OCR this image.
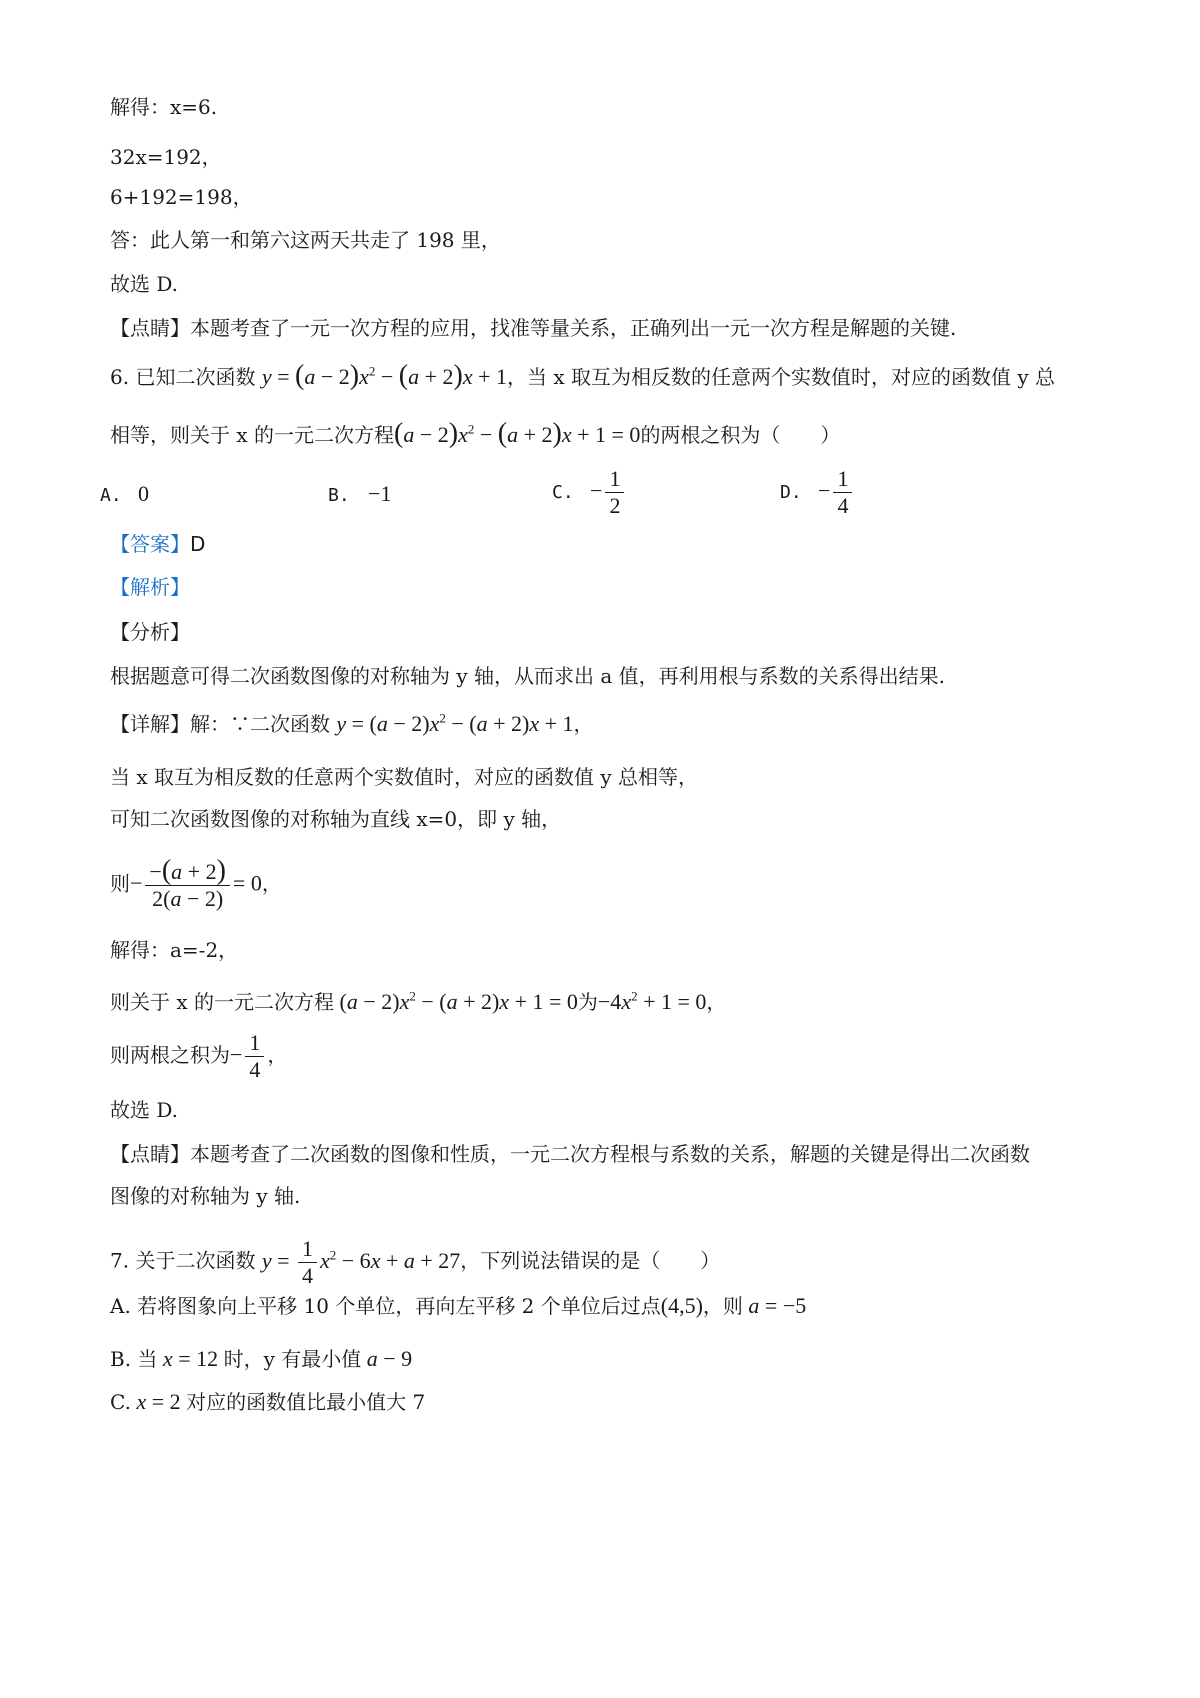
解得：x=6.
32x=192，
6+192=198，
答：此人第一和第六这两天共走了 198 里，
故选 D.
【点睛】本题考查了一元一次方程的应用，找准等量关系，正确列出一元一次方程是解题的关键.
6. 已知二次函数 $y = (a - 2)x^2 - (a + 2)x + 1$，当 x 取互为相反数的任意两个实数值时，对应的函数值 y 总
相等，则关于 x 的一元二次方程$(a - 2)x^2 - (a + 2)x + 1 = 0$的两根之积为（　　）
A. 0	B. −1	C. − $\frac{1}{2}$	D. − $\frac{1}{4}$
【答案】D
【解析】
【分析】
根据题意可得二次函数图像的对称轴为 y 轴，从而求出 a 值，再利用根与系数的关系得出结果.
【详解】解：∵二次函数 $y = (a - 2)x^2 - (a + 2)x + 1$，
当 x 取互为相反数的任意两个实数值时，对应的函数值 y 总相等，
可知二次函数图像的对称轴为直线 x=0，即 y 轴，
则− $\frac{-(a + 2)}{2(a - 2)} = 0$，
解得：a=-2，
则关于 x 的一元二次方程 $(a - 2)x^2 - (a + 2)x + 1 = 0$为$-4x^2 + 1 = 0$，
则两根之积为− $\frac{1}{4}$ ，
故选 D.
【点睛】本题考查了二次函数的图像和性质，一元二次方程根与系数的关系，解题的关键是得出二次函数
图像的对称轴为 y 轴.
7. 关于二次函数 $y = \frac{1}{4} x^2 - 6x + a + 27$，下列说法错误的是（　　）
A. 若将图象向上平移 10 个单位，再向左平移 2 个单位后过点(4,5)，则 a = −5
B. 当 x = 12 时，y 有最小值 a − 9
C. x = 2 对应的函数值比最小值大 7
